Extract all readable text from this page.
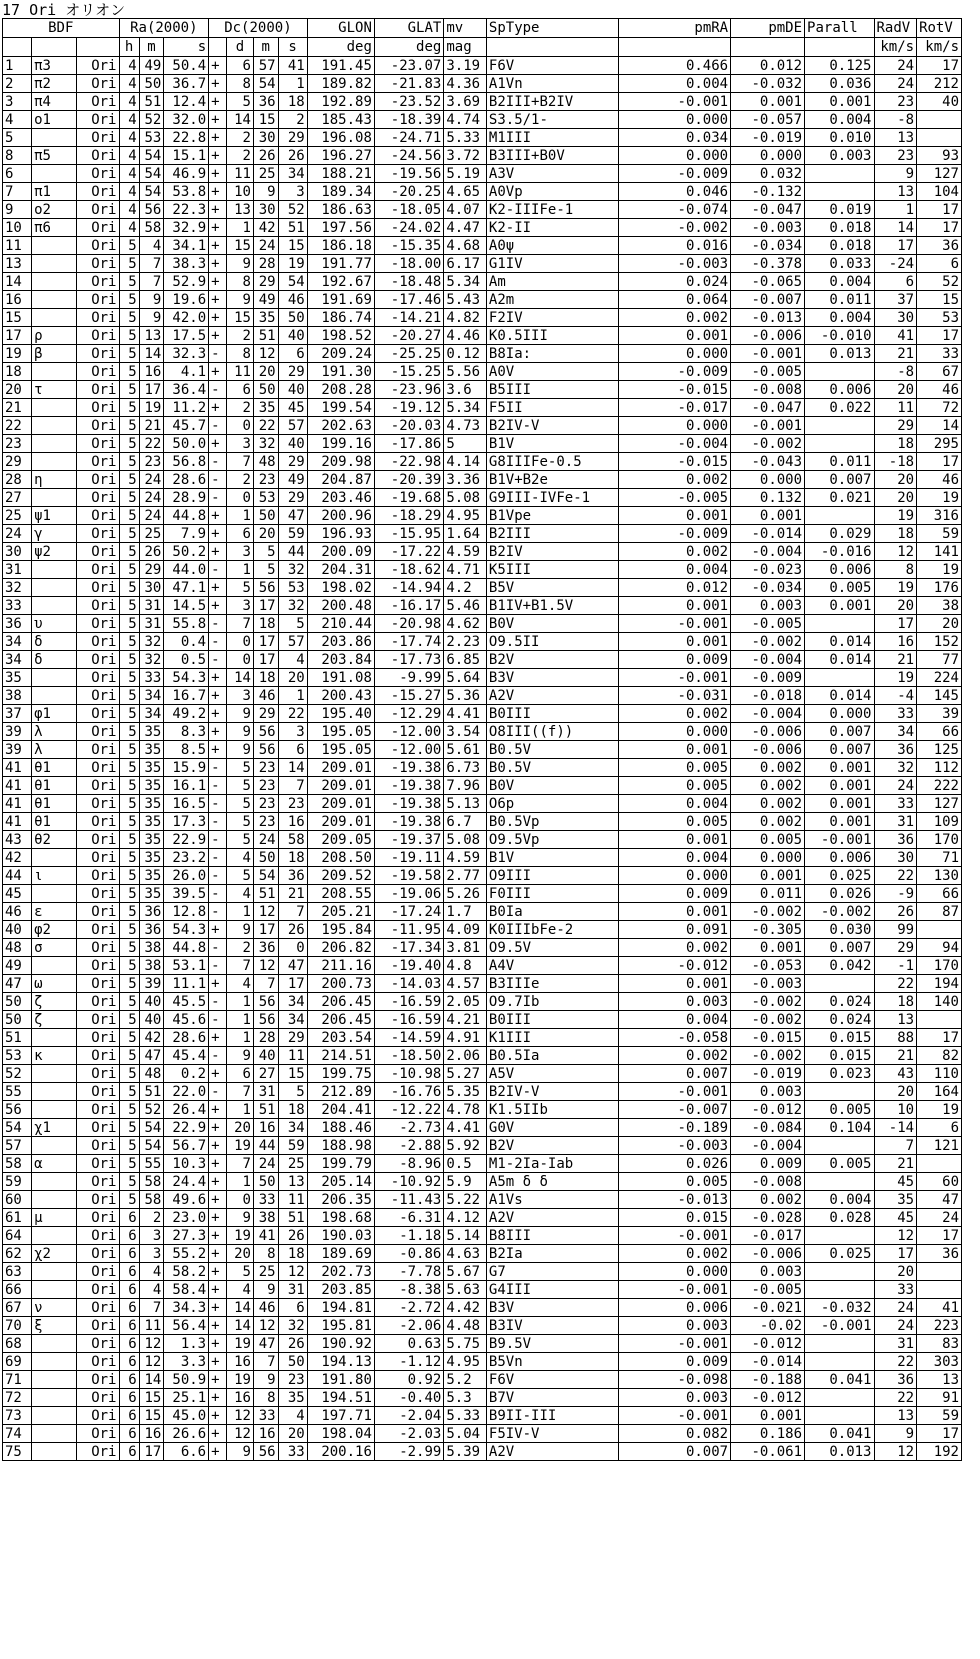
17 Ori オリオン
BDF			Ra(2000)			Dc(2000)				GLON	GLAT	mv	SpType	pmRA	pmDE	Parall	RadV	RotV
			h	m	s		d	m	s	deg	deg	mag					km/s	km/s
1	π3	Ori	4	49	50.4	+	6	57	41	191.45	-23.07	3.19	F6V	0.466	0.012	0.125	24	17
2	π2	Ori	4	50	36.7	+	8	54	1	189.82	-21.83	4.36	A1Vn	0.004	-0.032	0.036	24	212
3	π4	Ori	4	51	12.4	+	5	36	18	192.89	-23.52	3.69	B2III+B2IV	-0.001	0.001	0.001	23	40
4	ο1	Ori	4	52	32.0	+	14	15	2	185.43	-18.39	4.74	S3.5/1-	0.000	-0.057	0.004	-8	
5		Ori	4	53	22.8	+	2	30	29	196.08	-24.71	5.33	M1III	0.034	-0.019	0.010	13	
8	π5	Ori	4	54	15.1	+	2	26	26	196.27	-24.56	3.72	B3III+B0V	0.000	0.000	0.003	23	93
6		Ori	4	54	46.9	+	11	25	34	188.21	-19.56	5.19	A3V	-0.009	0.032		9	127
7	π1	Ori	4	54	53.8	+	10	9	3	189.34	-20.25	4.65	A0Vp	0.046	-0.132		13	104
9	ο2	Ori	4	56	22.3	+	13	30	52	186.63	-18.05	4.07	K2-IIIFe-1	-0.074	-0.047	0.019	1	17
10	π6	Ori	4	58	32.9	+	1	42	51	197.56	-24.02	4.47	K2-II	-0.002	-0.003	0.018	14	17
11		Ori	5	4	34.1	+	15	24	15	186.18	-15.35	4.68	A0ψ	0.016	-0.034	0.018	17	36
13		Ori	5	7	38.3	+	9	28	19	191.77	-18.00	6.17	G1IV	-0.003	-0.378	0.033	-24	6
14		Ori	5	7	52.9	+	8	29	54	192.67	-18.48	5.34	Am	0.024	-0.065	0.004	6	52
16		Ori	5	9	19.6	+	9	49	46	191.69	-17.46	5.43	A2m	0.064	-0.007	0.011	37	15
15		Ori	5	9	42.0	+	15	35	50	186.74	-14.21	4.82	F2IV	0.002	-0.013	0.004	30	53
17	ρ	Ori	5	13	17.5	+	2	51	40	198.52	-20.27	4.46	K0.5III	0.001	-0.006	-0.010	41	17
19	β	Ori	5	14	32.3	-	8	12	6	209.24	-25.25	0.12	B8Ia:	0.000	-0.001	0.013	21	33
18		Ori	5	16	4.1	+	11	20	29	191.30	-15.25	5.56	A0V	-0.009	-0.005		-8	67
20	τ	Ori	5	17	36.4	-	6	50	40	208.28	-23.96	3.6	B5III	-0.015	-0.008	0.006	20	46
21		Ori	5	19	11.2	+	2	35	45	199.54	-19.12	5.34	F5II	-0.017	-0.047	0.022	11	72
22		Ori	5	21	45.7	-	0	22	57	202.63	-20.03	4.73	B2IV-V	0.000	-0.001		29	14
23		Ori	5	22	50.0	+	3	32	40	199.16	-17.86	5	B1V	-0.004	-0.002		18	295
29		Ori	5	23	56.8	-	7	48	29	209.98	-22.98	4.14	G8IIIFe-0.5	-0.015	-0.043	0.011	-18	17
28	η	Ori	5	24	28.6	-	2	23	49	204.87	-20.39	3.36	B1V+B2e	0.002	0.000	0.007	20	46
27		Ori	5	24	28.9	-	0	53	29	203.46	-19.68	5.08	G9III-IVFe-1	-0.005	0.132	0.021	20	19
25	ψ1	Ori	5	24	44.8	+	1	50	47	200.96	-18.29	4.95	B1Vpe	0.001	0.001		19	316
24	γ	Ori	5	25	7.9	+	6	20	59	196.93	-15.95	1.64	B2III	-0.009	-0.014	0.029	18	59
30	ψ2	Ori	5	26	50.2	+	3	5	44	200.09	-17.22	4.59	B2IV	0.002	-0.004	-0.016	12	141
31		Ori	5	29	44.0	-	1	5	32	204.31	-18.62	4.71	K5III	0.004	-0.023	0.006	8	19
32		Ori	5	30	47.1	+	5	56	53	198.02	-14.94	4.2	B5V	0.012	-0.034	0.005	19	176
33		Ori	5	31	14.5	+	3	17	32	200.48	-16.17	5.46	B1IV+B1.5V	0.001	0.003	0.001	20	38
36	υ	Ori	5	31	55.8	-	7	18	5	210.44	-20.98	4.62	B0V	-0.001	-0.005		17	20
34	δ	Ori	5	32	0.4	-	0	17	57	203.86	-17.74	2.23	O9.5II	0.001	-0.002	0.014	16	152
34	δ	Ori	5	32	0.5	-	0	17	4	203.84	-17.73	6.85	B2V	0.009	-0.004	0.014	21	77
35		Ori	5	33	54.3	+	14	18	20	191.08	-9.99	5.64	B3V	-0.001	-0.009		19	224
38		Ori	5	34	16.7	+	3	46	1	200.43	-15.27	5.36	A2V	-0.031	-0.018	0.014	-4	145
37	φ1	Ori	5	34	49.2	+	9	29	22	195.40	-12.29	4.41	B0III	0.002	-0.004	0.000	33	39
39	λ	Ori	5	35	8.3	+	9	56	3	195.05	-12.00	3.54	O8III((f))	0.000	-0.006	0.007	34	66
39	λ	Ori	5	35	8.5	+	9	56	6	195.05	-12.00	5.61	B0.5V	0.001	-0.006	0.007	36	125
41	θ1	Ori	5	35	15.9	-	5	23	14	209.01	-19.38	6.73	B0.5V	0.005	0.002	0.001	32	112
41	θ1	Ori	5	35	16.1	-	5	23	7	209.01	-19.38	7.96	B0V	0.005	0.002	0.001	24	222
41	θ1	Ori	5	35	16.5	-	5	23	23	209.01	-19.38	5.13	O6p	0.004	0.002	0.001	33	127
41	θ1	Ori	5	35	17.3	-	5	23	16	209.01	-19.38	6.7	B0.5Vp	0.005	0.002	0.001	31	109
43	θ2	Ori	5	35	22.9	-	5	24	58	209.05	-19.37	5.08	O9.5Vp	0.001	0.005	-0.001	36	170
42		Ori	5	35	23.2	-	4	50	18	208.50	-19.11	4.59	B1V	0.004	0.000	0.006	30	71
44	ι	Ori	5	35	26.0	-	5	54	36	209.52	-19.58	2.77	O9III	0.000	0.001	0.025	22	130
45		Ori	5	35	39.5	-	4	51	21	208.55	-19.06	5.26	F0III	0.009	0.011	0.026	-9	66
46	ε	Ori	5	36	12.8	-	1	12	7	205.21	-17.24	1.7	B0Ia	0.001	-0.002	-0.002	26	87
40	φ2	Ori	5	36	54.3	+	9	17	26	195.84	-11.95	4.09	K0IIIbFe-2	0.091	-0.305	0.030	99	
48	σ	Ori	5	38	44.8	-	2	36	0	206.82	-17.34	3.81	O9.5V	0.002	0.001	0.007	29	94
49		Ori	5	38	53.1	-	7	12	47	211.16	-19.40	4.8	A4V	-0.012	-0.053	0.042	-1	170
47	ω	Ori	5	39	11.1	+	4	7	17	200.73	-14.03	4.57	B3IIIe	0.001	-0.003		22	194
50	ζ	Ori	5	40	45.5	-	1	56	34	206.45	-16.59	2.05	O9.7Ib	0.003	-0.002	0.024	18	140
50	ζ	Ori	5	40	45.6	-	1	56	34	206.45	-16.59	4.21	B0III	0.004	-0.002	0.024	13	
51		Ori	5	42	28.6	+	1	28	29	203.54	-14.59	4.91	K1III	-0.058	-0.015	0.015	88	17
53	κ	Ori	5	47	45.4	-	9	40	11	214.51	-18.50	2.06	B0.5Ia	0.002	-0.002	0.015	21	82
52		Ori	5	48	0.2	+	6	27	15	199.75	-10.98	5.27	A5V	0.007	-0.019	0.023	43	110
55		Ori	5	51	22.0	-	7	31	5	212.89	-16.76	5.35	B2IV-V	-0.001	0.003		20	164
56		Ori	5	52	26.4	+	1	51	18	204.41	-12.22	4.78	K1.5IIb	-0.007	-0.012	0.005	10	19
54	χ1	Ori	5	54	22.9	+	20	16	34	188.46	-2.73	4.41	G0V	-0.189	-0.084	0.104	-14	6
57		Ori	5	54	56.7	+	19	44	59	188.98	-2.88	5.92	B2V	-0.003	-0.004		7	121
58	α	Ori	5	55	10.3	+	7	24	25	199.79	-8.96	0.5	M1-2Ia-Iab	0.026	0.009	0.005	21	
59		Ori	5	58	24.4	+	1	50	13	205.14	-10.92	5.9	A5m δ δ	0.005	-0.008		45	60
60		Ori	5	58	49.6	+	0	33	11	206.35	-11.43	5.22	A1Vs	-0.013	0.002	0.004	35	47
61	μ	Ori	6	2	23.0	+	9	38	51	198.68	-6.31	4.12	A2V	0.015	-0.028	0.028	45	24
64		Ori	6	3	27.3	+	19	41	26	190.03	-1.18	5.14	B8III	-0.001	-0.017		12	17
62	χ2	Ori	6	3	55.2	+	20	8	18	189.69	-0.86	4.63	B2Ia	0.002	-0.006	0.025	17	36
63		Ori	6	4	58.2	+	5	25	12	202.73	-7.78	5.67	G7	0.000	0.003		20	
66		Ori	6	4	58.4	+	4	9	31	203.85	-8.38	5.63	G4III	-0.001	-0.005		33	
67	ν	Ori	6	7	34.3	+	14	46	6	194.81	-2.72	4.42	B3V	0.006	-0.021	-0.032	24	41
70	ξ	Ori	6	11	56.4	+	14	12	32	195.81	-2.06	4.48	B3IV	0.003	-0.02	-0.001	24	223
68		Ori	6	12	1.3	+	19	47	26	190.92	0.63	5.75	B9.5V	-0.001	-0.012		31	83
69		Ori	6	12	3.3	+	16	7	50	194.13	-1.12	4.95	B5Vn	0.009	-0.014		22	303
71		Ori	6	14	50.9	+	19	9	23	191.80	0.92	5.2	F6V	-0.098	-0.188	0.041	36	13
72		Ori	6	15	25.1	+	16	8	35	194.51	-0.40	5.3	B7V	0.003	-0.012		22	91
73		Ori	6	15	45.0	+	12	33	4	197.71	-2.04	5.33	B9II-III	-0.001	0.001		13	59
74		Ori	6	16	26.6	+	12	16	20	198.04	-2.03	5.04	F5IV-V	0.082	0.186	0.041	9	17
75		Ori	6	17	6.6	+	9	56	33	200.16	-2.99	5.39	A2V	0.007	-0.061	0.013	12	192
